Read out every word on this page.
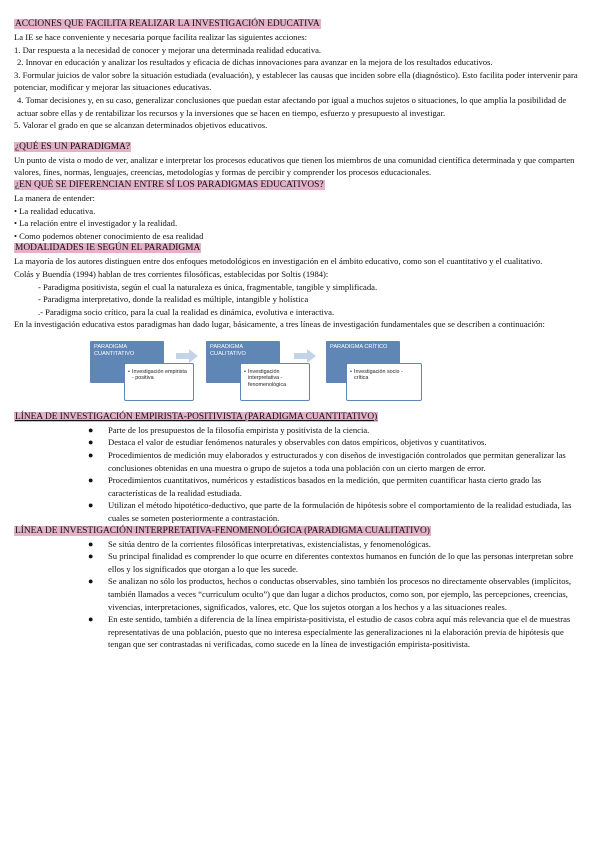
ACCIONES QUE FACILITA REALIZAR LA INVESTIGACIÓN EDUCATIVA

La IE se hace conveniente y necesaria porque facilita realizar las siguientes acciones:

1. Dar respuesta a la necesidad de conocer y mejorar una determinada realidad educativa.

2. Innovar en educación y analizar los resultados y eficacia de dichas innovaciones para avanzar en la mejora de los resultados educativos.

3. Formular juicios de valor sobre la situación estudiada (evaluación), y establecer las causas que inciden sobre ella (diagnóstico). Esto facilita poder intervenir para potenciar, modificar y mejorar las situaciones educativas.

4. Tomar decisiones y, en su caso, generalizar conclusiones que puedan estar afectando por igual a muchos sujetos o situaciones, lo que amplía la posibilidad de actuar sobre ellas y de rentabilizar los recursos y la inversiones que se hacen en tiempo, esfuerzo y presupuesto al investigar.

5. Valorar el grado en que se alcanzan determinados objetivos educativos.

¿QUÉ ES UN PARADIGMA?

Un punto de vista o modo de ver, analizar e interpretar los procesos educativos que tienen los miembros de una comunidad científica determinada y que comparten valores, fines, normas, lenguajes, creencias, metodologías y formas de percibir y comprender los procesos educacionales.

¿EN QUÉ SE DIFERENCIAN ENTRE SÍ LOS PARADIGMAS EDUCATIVOS?

La manera de entender:

• La realidad educativa.
• La relación entre el investigador y la realidad.
• Como podemos obtener conocimiento de esa realidad

MODALIDADES IE SEGÚN EL PARADIGMA

La mayoría de los autores distinguen entre dos enfoques metodológicos en investigación en el ámbito educativo, como son el cuantitativo y el cualitativo.

Colás y Buendía (1994) hablan de tres corrientes filosóficas, establecidas por Soltis (1984):

- Paradigma positivista, según el cual la naturaleza es única, fragmentable, tangible y simplificada.

- Paradigma interpretativo, donde la realidad es múltiple, intangible y holística

.- Paradigma socio crítico, para la cual la realidad es dinámica, evolutiva e interactiva.

En la investigación educativa estos paradigmas han dado lugar, básicamente, a tres líneas de investigación fundamentales que se describen a continuación:

PARADIGMA CUANTITATIVO
• Investigación empirista - positiva
PARADIGMA CUALITATIVO
• Investigación interpretativa - fenomenológica
PARADIGMA CRÍTICO
• Investigación socio - crítica

LÍNEA DE INVESTIGACIÓN EMPIRISTA-POSITIVISTA (PARADIGMA CUANTITATIVO)

● Parte de los presupuestos de la filosofía empirista y positivista de la ciencia.
● Destaca el valor de estudiar fenómenos naturales y observables con datos empíricos, objetivos y cuantitativos.
● Procedimientos de medición muy elaborados y estructurados y con diseños de investigación controlados que permitan generalizar las conclusiones obtenidas en una muestra o grupo de sujetos a toda una población con un cierto margen de error.
● Procedimientos cuantitativos, numéricos y estadísticos basados en la medición, que permiten cuantificar hasta cierto grado las características de la realidad estudiada.
● Utilizan el método hipotético-deductivo, que parte de la formulación de hipótesis sobre el comportamiento de la realidad estudiada, las cuales se someten posteriormente a contrastación.

LÍNEA DE INVESTIGACIÓN INTERPRETATIVA-FENOMENOLÓGICA (PARADIGMA CUALITATIVO)

● Se sitúa dentro de la corrientes filosóficas interpretativas, existencialistas, y fenomenológicas.
● Su principal finalidad es comprender lo que ocurre en diferentes contextos humanos en función de lo que las personas interpretan sobre ellos y los significados que otorgan a lo que les sucede.
● Se analizan no sólo los productos, hechos o conductas observables, sino también los procesos no directamente observables (implícitos, también llamados a veces “curriculum oculto”) que dan lugar a dichos productos, como son, por ejemplo, las percepciones, creencias, vivencias, interpretaciones, significados, valores, etc. Que los sujetos otorgan a los hechos y a las situaciones reales.
● En este sentido, también a diferencia de la línea empirista-positivista, el estudio de casos cobra aquí más relevancia que el de muestras representativas de una población, puesto que no interesa especialmente las generalizaciones ni la elaboración previa de hipótesis que tengan que ser contrastadas ni verificadas, como sucede en la línea de investigación empirista-positivista.
